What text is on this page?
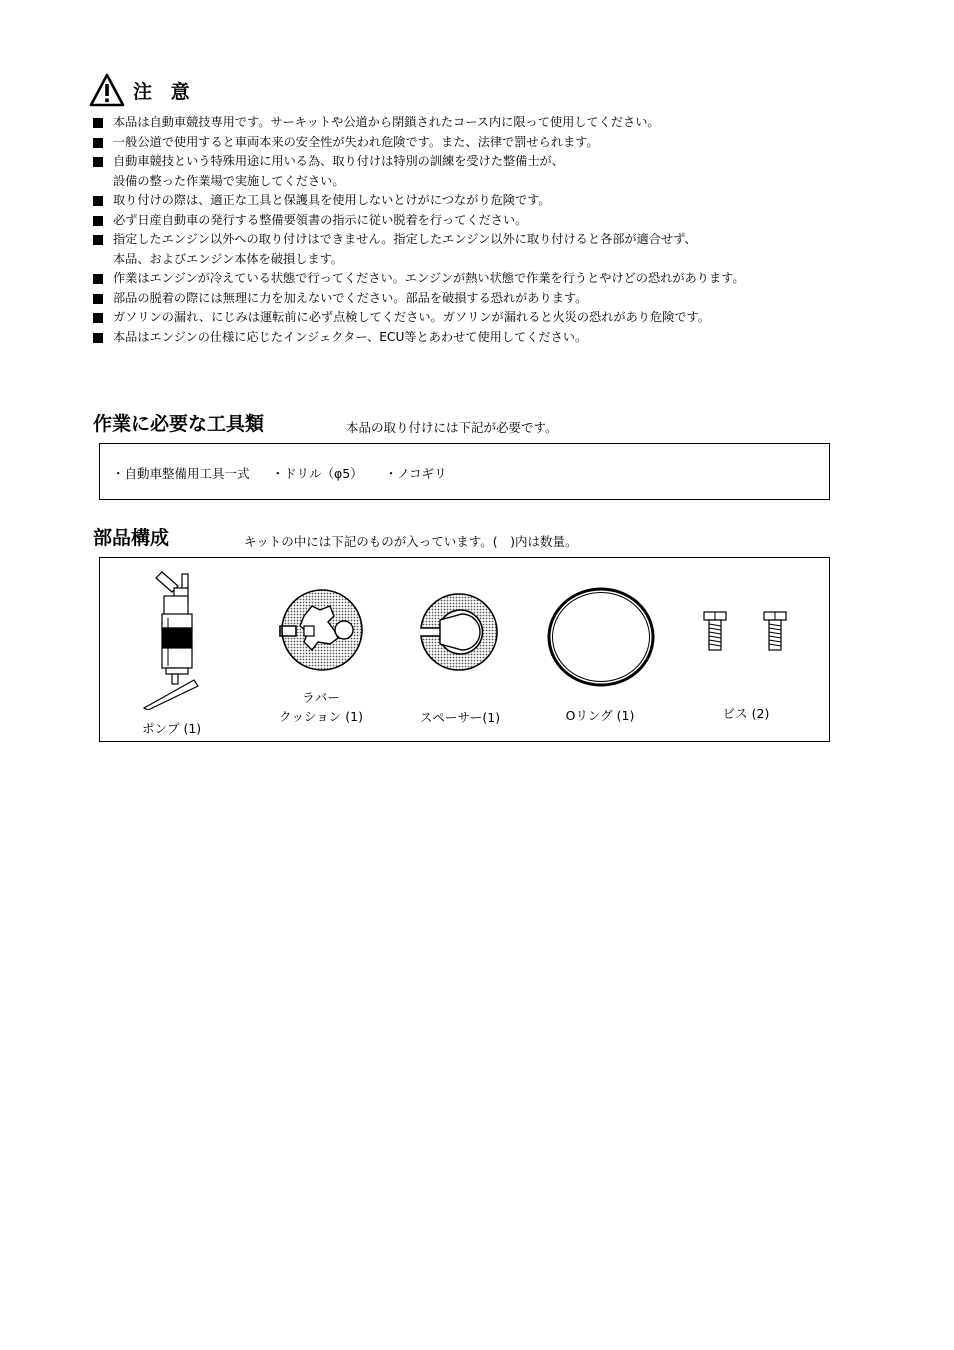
注 意
本品は自動車競技専用です。サーキットや公道から閉鎖されたコース内に限って使用してください。
一般公道で使用すると車両本来の安全性が失われ危険です。また、法律で罰せられます。
自動車競技という特殊用途に用いる為、取り付けは特別の訓練を受けた整備士が、
設備の整った作業場で実施してください。
取り付けの際は、適正な工具と保護具を使用しないとけがにつながり危険です。
必ず日産自動車の発行する整備要領書の指示に従い脱着を行ってください。
指定したエンジン以外への取り付けはできません。指定したエンジン以外に取り付けると各部が適合せず、
本品、およびエンジン本体を破損します。
作業はエンジンが冷えている状態で行ってください。エンジンが熱い状態で作業を行うとやけどの恐れがあります。
部品の脱着の際には無理に力を加えないでください。部品を破損する恐れがあります。
ガソリンの漏れ、にじみは運転前に必ず点検してください。ガソリンが漏れると火災の恐れがあり危険です。
本品はエンジンの仕様に応じたインジェクター、ECU等とあわせて使用してください。
作業に必要な工具類	本品の取り付けには下記が必要です。
・自動車整備用工具一式 ・ドリル（φ5） ・ノコギリ
部品構成	キットの中には下記のものが入っています。(　)内は数量。
ポンプ (1)
ラバー
クッション (1)	スペーサー(1)	Oリング (1)	ビス (2)
